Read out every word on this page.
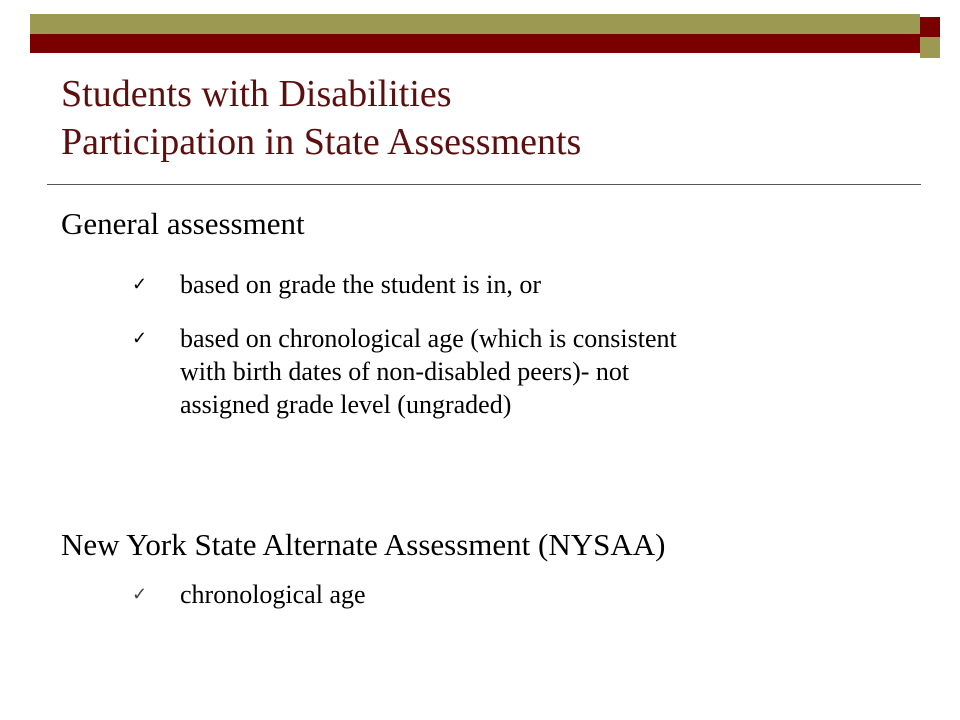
Students with Disabilities
Participation in State Assessments
General assessment
✓	based on grade the student is in, or
✓	based on chronological age (which is consistent
with birth dates of non-disabled peers)- not
assigned grade level (ungraded)
New York State Alternate Assessment (NYSAA)
✓	chronological age
